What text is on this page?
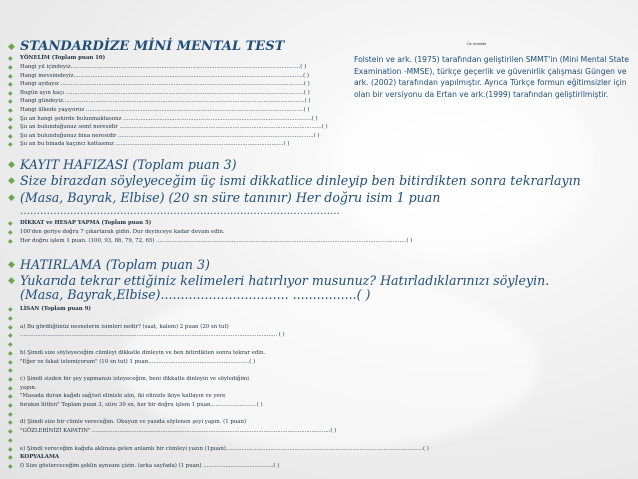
◆ STANDARDİZE MİNİ MENTAL TEST	Öz rmadde
Folstein ve ark. (1975) tarafından geliştirilen SMMT'in (Mini Mental State Examination -MMSE), türkçe geçerlik ve güvenirlik çalışması Güngen ve ark. (2002) tarafından yapılmıştır. Ayrıca Türkçe formun eğitimsizler için olan bir versiyonu da Ertan ve ark.(1999) tarafından geliştirilmiştir.
◆	YÖNELİM (Toplam puan 10)
◆	Hangi yıl içindeyiz......................................................................................................................................( )
◆	Hangi mevsimdeyiz......................................................................................................................................( )
◆	Hangi aydayız ..............................................................................................................................................( )
◆	Bugün ayın kaçı ...........................................................................................................................................( )
◆	Hangi gündeyiz.............................................................................................................................................( )
◆	Hangi ülkede yaşıyoruz ...............................................................................................................................( )
◆	Şu an hangi şehirde bulunmaktasınız ..............................................................................................................( )
◆	Şu an bulunduğunuz semt neresidir ......................................................................................................................( )
◆	Şu an bulunduğunuz bina neresidir ..................................................................................................................( )
◆	Şu an bu binada kaçıncı kattasınız ..................................................................................................( )
◆ KAYIT HAFIZASI (Toplam puan 3)
◆ Size birazdan söyleyeceğim üç ismi dikkatlice dinleyip ben bitirdikten sonra tekrarlayın
◆ (Masa, Bayrak, Elbise) (20 sn süre tanınır) Her doğru isim 1 puan
……………………………………………………………………………………
◆	DİKKAT ve HESAP YAPMA (Toplam puan 5)
◆	100'den geriye doğru 7 çıkartarak gidin. Dur deyinceye kadar devam edin.
◆	Her doğru işlem 1 puan. (100, 93, 86, 79, 72, 65) ..................................................................................................................................................( )
◆ HATIRLAMA (Toplam puan 3)
◆ Yukarıda tekrar ettiğiniz kelimeleri hatırlıyor musunuz? Hatırladıklarınızı söyleyin.
(Masa, Bayrak,Elbise)................................ ................( )
◆	LİSAN (Toplam puan 9)
◆
◆	a) Bu gördüğünüz nesnelerin isimleri nedir? (saat, kalem) 2 puan (20 sn tut)
◆	...................................................................................................................................................... ( )
◆
◆	b) Şimdi size söyleyeceğim cümleyi dikkatle dinleyin ve ben bitirdikten sonra tekrar edin.
◆	"Eğer ve fakat istemiyorum" (10 sn tut) 1 puan...........................................................( )
◆
◆	c) Şimdi sizden bir şey yapmanızı isteyeceğim, beni dikkatle dinleyin ve söylediğimi
◆	yapın.
◆	"Masada duran kağıdı sağ/sol elinizle alın, iki elinizle ikiye katlayın ve yere
◆	bırakın lütfen" Toplam puan 3, süre 30 sn, her bir doğru işlem 1 puan...........................( )
◆
◆	d) Şimdi size bir cümle vereceğim. Okuyun ve yazıda söylenen şeyi yapın. (1 puan)
◆	"GÖZLERİNİZİ KAPATIN" ...........................................................................................................................................( )
◆
◆	e) Şimdi vereceğim kağıda aklınıza gelen anlamlı bir cümleyi yazın (1puan)...................................................................................................................( )
◆	KOPYALAMA
◆	f) Size gösterceceğim şeklin aynısını çizin. (arka sayfada) (1 puan) .........................................( )
